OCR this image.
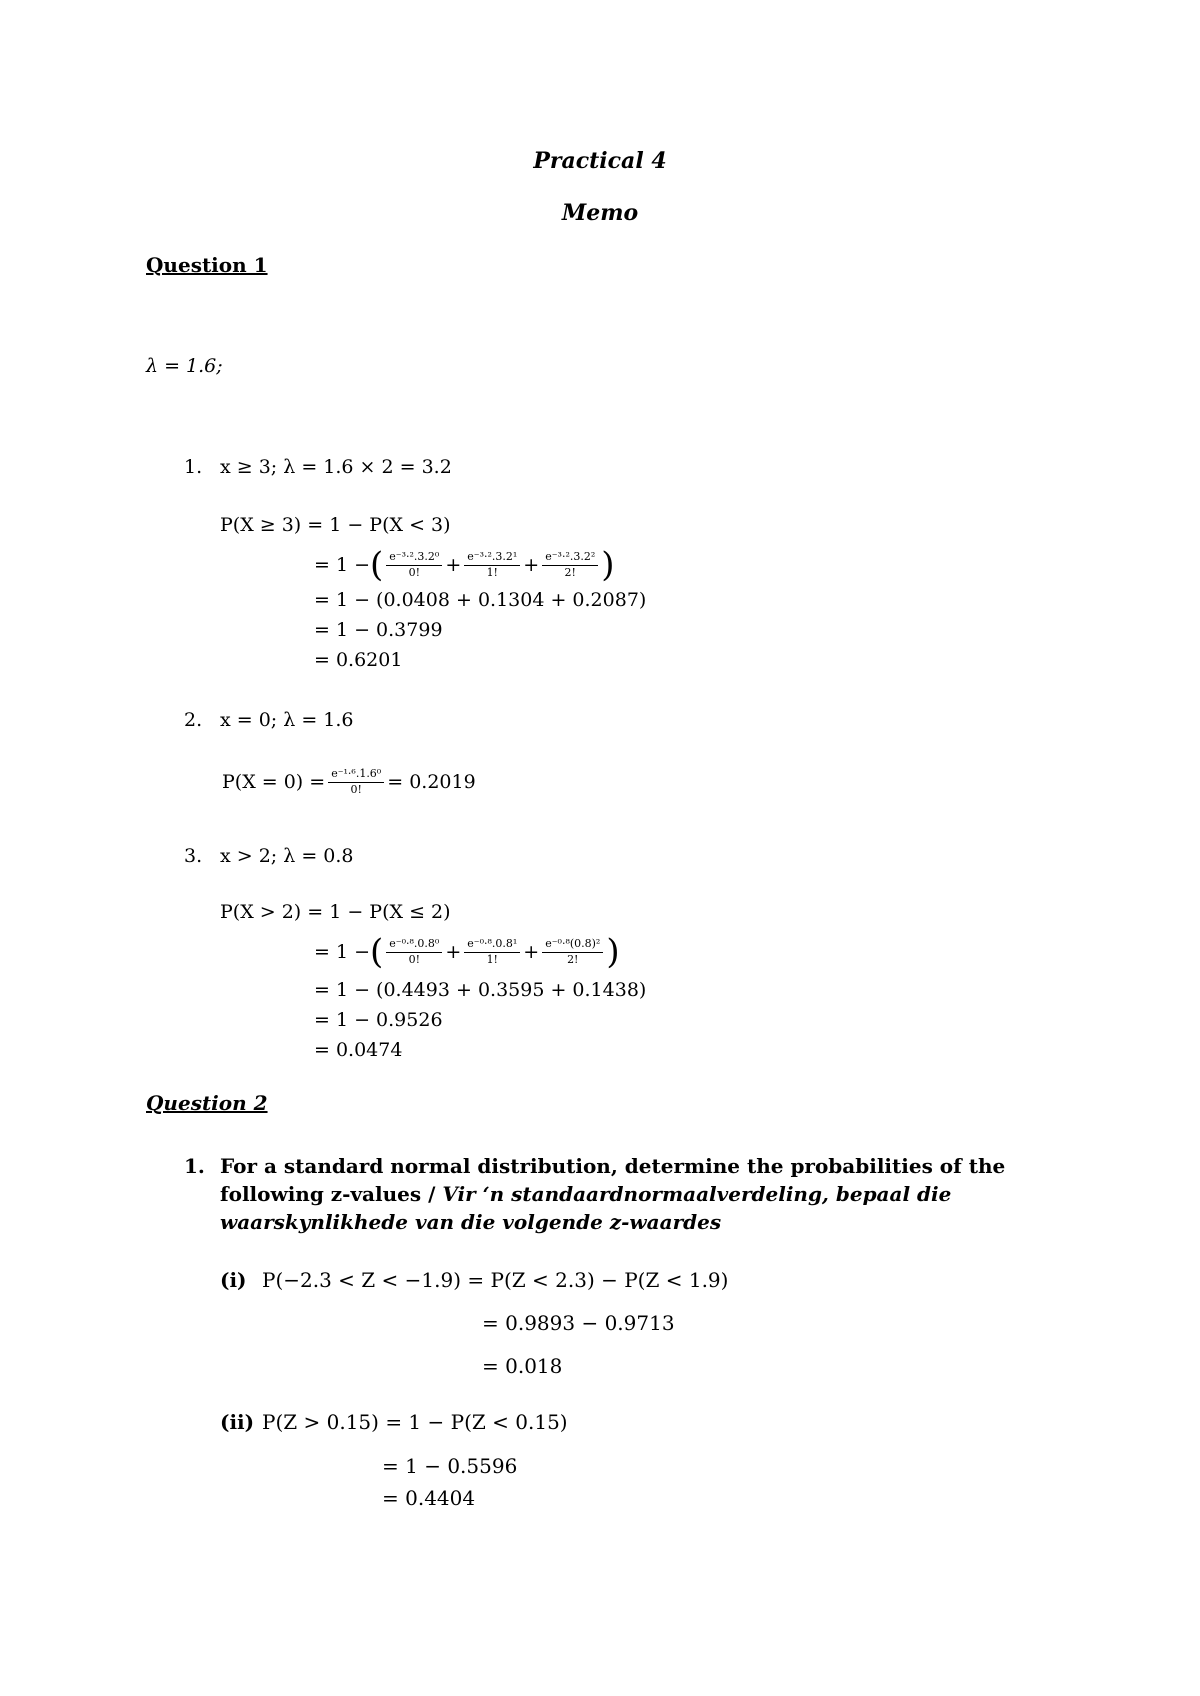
Practical 4
Memo
Question 1
λ = 1.6;
1. x ≥ 3; λ = 1.6 × 2 = 3.2
P(X ≥ 3) = 1 − P(X < 3)
= 1 − ( $\frac{\text{e⁻³·².3.2⁰}}{0!} + \frac{\text{e⁻³·².3.2¹}}{1!} + \frac{\text{e⁻³·².3.2²}}{2!}$ )
= 1 − (0.0408 + 0.1304 + 0.2087)
= 1 − 0.3799
= 0.6201
2. x = 0; λ = 1.6
$P(X = 0) = \frac{\text{e⁻¹·⁶.1.6⁰}}{0!} = 0.2019$
3. x > 2; λ = 0.8
P(X > 2) = 1 − P(X ≤ 2)
= 1 − ( $\frac{\text{e⁻⁰·⁸.0.8⁰}}{0!} + \frac{\text{e⁻⁰·⁸.0.8¹}}{1!} + \frac{\text{e⁻⁰·⁸(0.8)²}}{2!}$ )
= 1 − (0.4493 + 0.3595 + 0.1438)
= 1 − 0.9526
= 0.0474
Question 2
1. For a standard normal distribution, determine the probabilities of the following z-values / Vir ‘n standaardnormaalverdeling, bepaal die waarskynlikhede van die volgende z-waardes
(i) P(−2.3 < Z < −1.9) = P(Z < 2.3) − P(Z < 1.9)
= 0.9893 − 0.9713
= 0.018
(ii) P(Z > 0.15) = 1 − P(Z < 0.15)
= 1 − 0.5596
= 0.4404
